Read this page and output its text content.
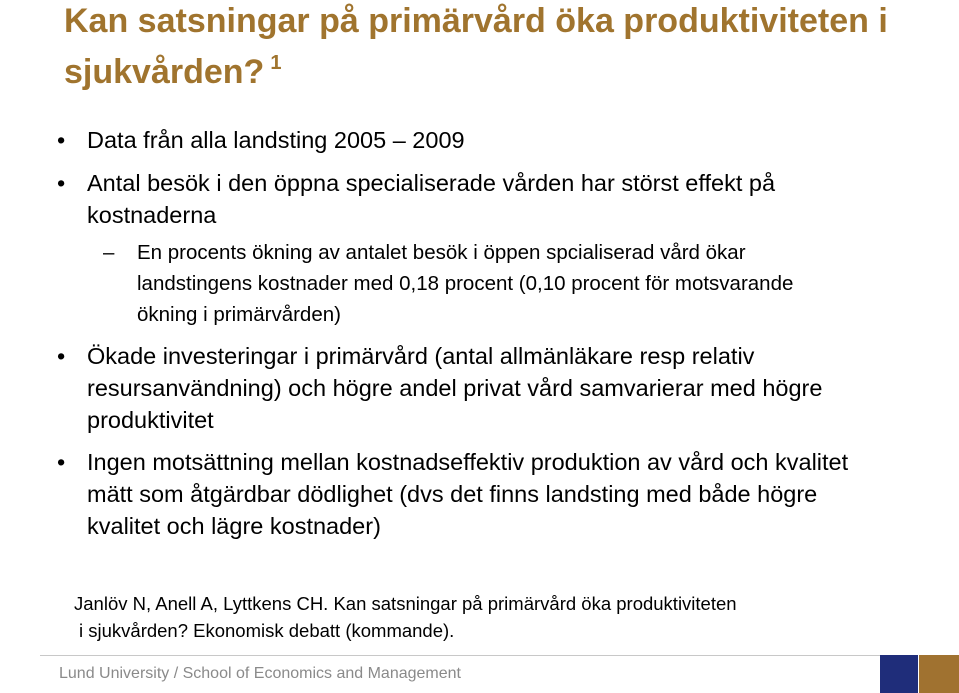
Kan satsningar på primärvård öka produktiviteten i sjukvården? $^1$
• Data från alla landsting 2005 – 2009
• Antal besök i den öppna specialiserade vården har störst effekt på kostnaderna
– En procents ökning av antalet besök i öppen spcialiserad vård ökar landstingens kostnader med 0,18 procent (0,10 procent för motsvarande ökning i primärvården)
• Ökade investeringar i primärvård (antal allmänläkare resp relativ resursanvändning) och högre andel privat vård samvarierar med högre produktivitet
• Ingen motsättning mellan kostnadseffektiv produktion av vård och kvalitet mätt som åtgärdbar dödlighet (dvs det finns landsting med både högre kvalitet och lägre kostnader)
Janlöv N, Anell A, Lyttkens CH. Kan satsningar på primärvård öka produktiviteten
i sjukvården? Ekonomisk debatt (kommande).
Lund University / School of Economics and Management
